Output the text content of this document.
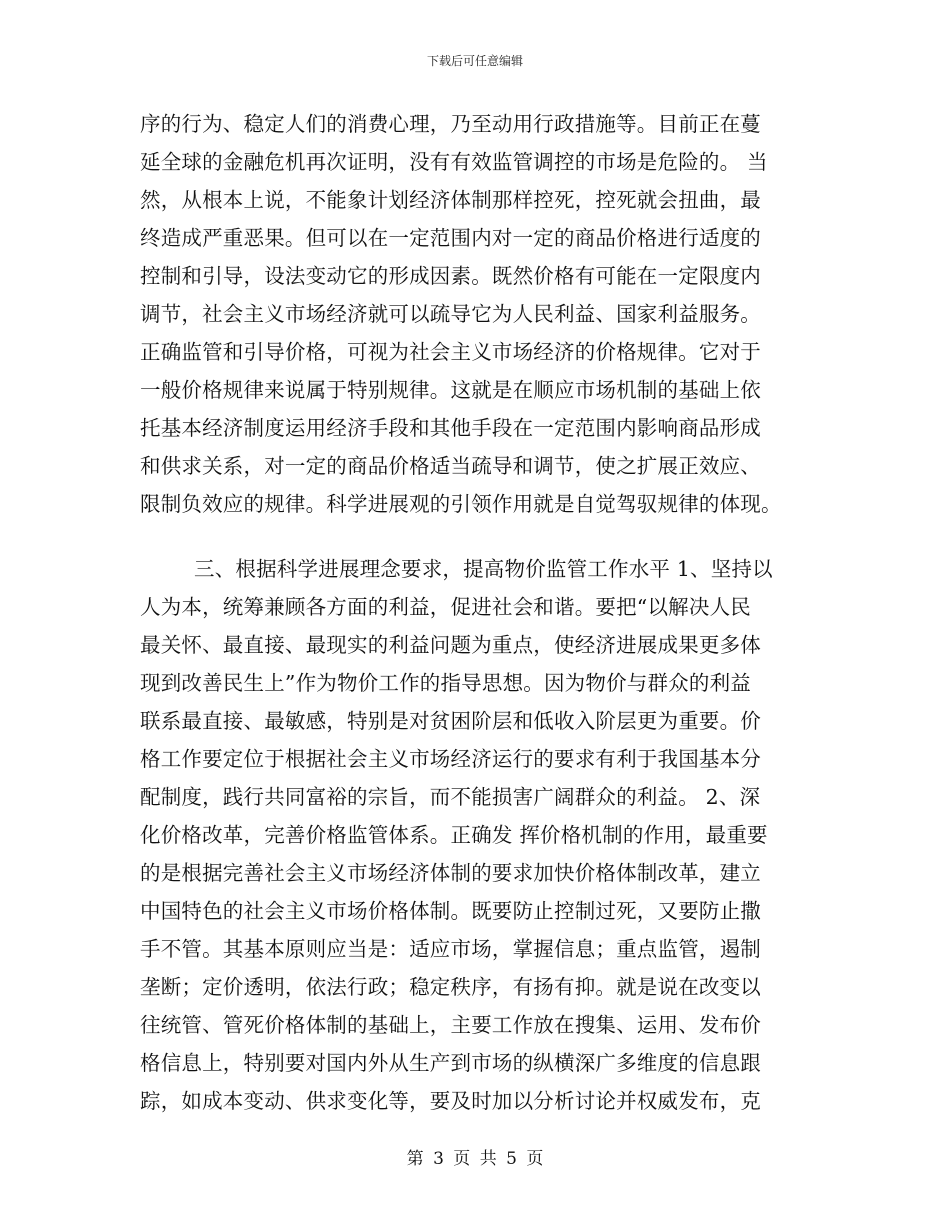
下载后可任意编辑
序的行为、稳定人们的消费心理，乃至动用行政措施等。目前正在蔓
延全球的金融危机再次证明，没有有效监管调控的市场是危险的。 当
然，从根本上说，不能象计划经济体制那样控死，控死就会扭曲，最
终造成严重恶果。但可以在一定范围内对一定的商品价格进行适度的
控制和引导，设法变动它的形成因素。既然价格有可能在一定限度内
调节，社会主义市场经济就可以疏导它为人民利益、国家利益服务。
正确监管和引导价格，可视为社会主义市场经济的价格规律。它对于
一般价格规律来说属于特别规律。这就是在顺应市场机制的基础上依
托基本经济制度运用经济手段和其他手段在一定范围内影响商品形成
和供求关系，对一定的商品价格适当疏导和调节，使之扩展正效应、
限制负效应的规律。科学进展观的引领作用就是自觉驾驭规律的体现。
三、根据科学进展理念要求，提高物价监管工作水平 1、坚持以
人为本，统筹兼顾各方面的利益，促进社会和谐。要把“以解决人民
最关怀、最直接、最现实的利益问题为重点，使经济进展成果更多体
现到改善民生上”作为物价工作的指导思想。因为物价与群众的利益
联系最直接、最敏感，特别是对贫困阶层和低收入阶层更为重要。价
格工作要定位于根据社会主义市场经济运行的要求有利于我国基本分
配制度，践行共同富裕的宗旨，而不能损害广阔群众的利益。 2、深
化价格改革，完善价格监管体系。正确发 挥价格机制的作用，最重要
的是根据完善社会主义市场经济体制的要求加快价格体制改革，建立
中国特色的社会主义市场价格体制。既要防止控制过死，又要防止撒
手不管。其基本原则应当是：适应市场，掌握信息；重点监管，遏制
垄断；定价透明，依法行政；稳定秩序，有扬有抑。就是说在改变以
往统管、管死价格体制的基础上，主要工作放在搜集、运用、发布价
格信息上，特别要对国内外从生产到市场的纵横深广多维度的信息跟
踪，如成本变动、供求变化等，要及时加以分析讨论并权威发布，克
第 3 页 共 5 页
